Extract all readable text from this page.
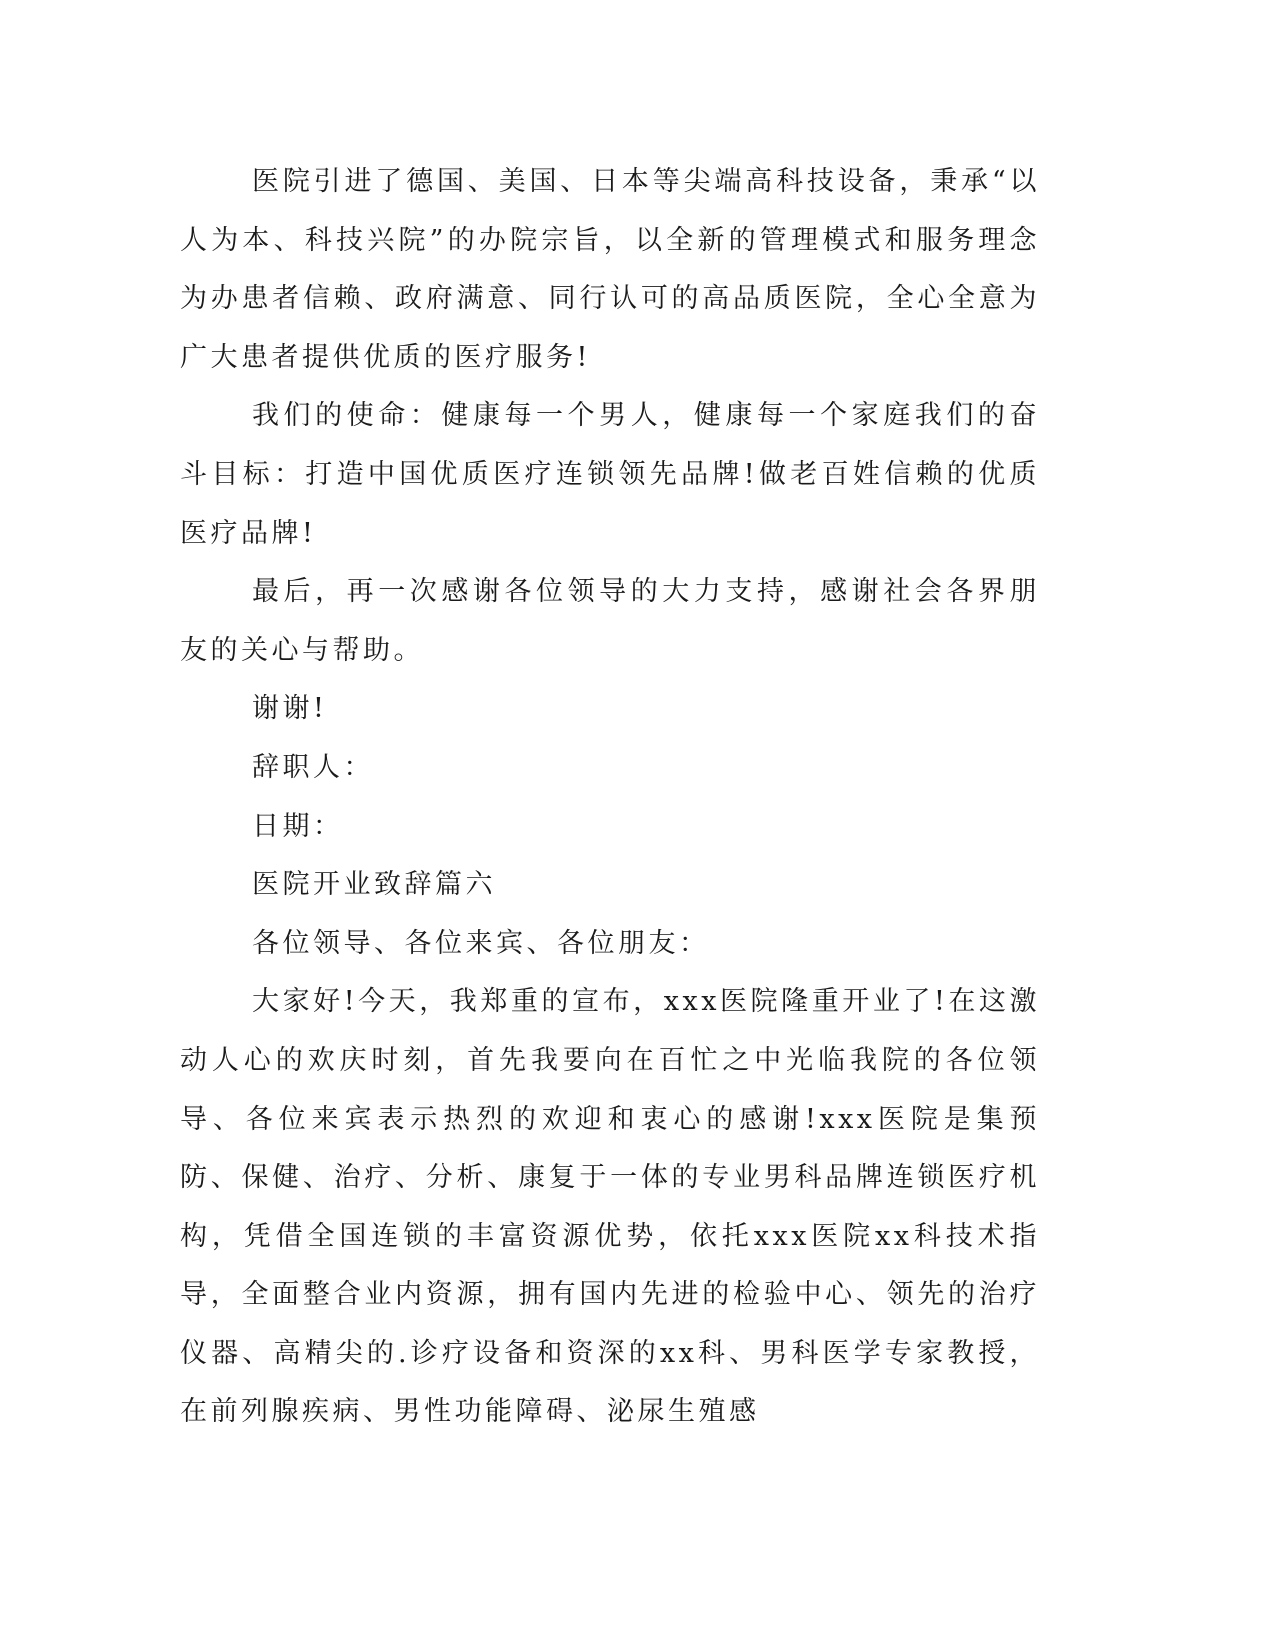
医院引进了德国、美国、日本等尖端高科技设备，秉承“以人为本、科技兴院”的办院宗旨，以全新的管理模式和服务理念为办患者信赖、政府满意、同行认可的高品质医院，全心全意为广大患者提供优质的医疗服务!

我们的使命：健康每一个男人，健康每一个家庭我们的奋斗目标：打造中国优质医疗连锁领先品牌!做老百姓信赖的优质医疗品牌!

最后，再一次感谢各位领导的大力支持，感谢社会各界朋友的关心与帮助。

谢谢!

辞职人：

日期：

医院开业致辞篇六

各位领导、各位来宾、各位朋友：

大家好!今天，我郑重的宣布，xxx医院隆重开业了!在这激动人心的欢庆时刻，首先我要向在百忙之中光临我院的各位领导、各位来宾表示热烈的欢迎和衷心的感谢!xxx医院是集预防、保健、治疗、分析、康复于一体的专业男科品牌连锁医疗机构，凭借全国连锁的丰富资源优势，依托xxx医院xx科技术指导，全面整合业内资源，拥有国内先进的检验中心、领先的治疗仪器、高精尖的.诊疗设备和资深的xx科、男科医学专家教授，在前列腺疾病、男性功能障碍、泌尿生殖感
